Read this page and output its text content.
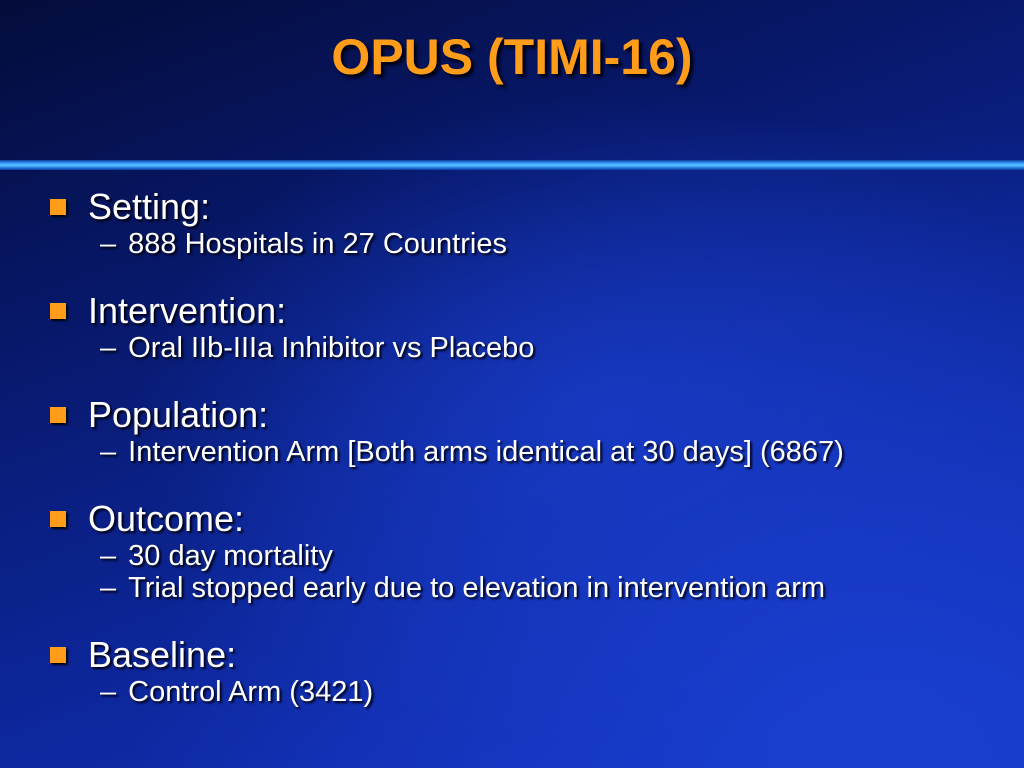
OPUS (TIMI-16)
Setting:
– 888 Hospitals in 27 Countries
Intervention:
– Oral IIb-IIIa Inhibitor vs Placebo
Population:
– Intervention Arm [Both arms identical at 30 days] (6867)
Outcome:
– 30 day mortality
– Trial stopped early due to elevation in intervention arm
Baseline:
– Control Arm (3421)
